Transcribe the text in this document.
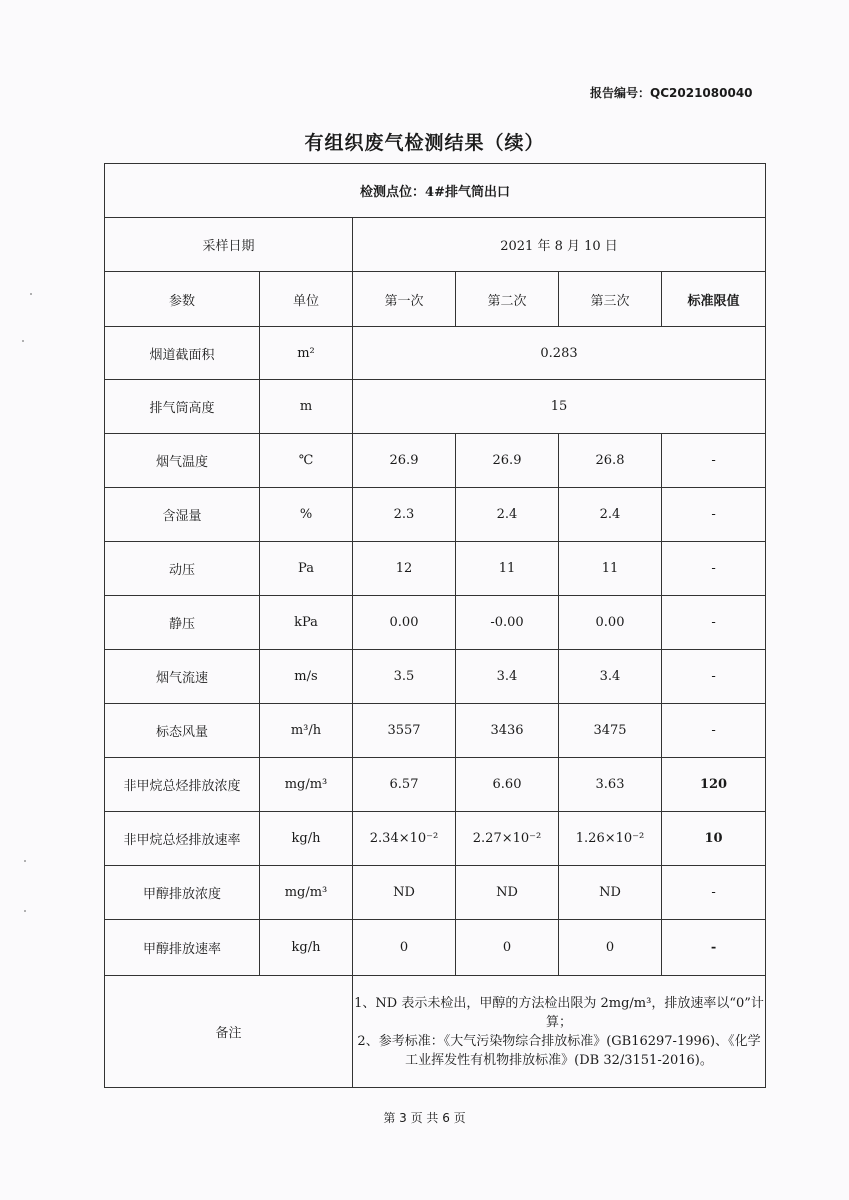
报告编号：QC2021080040
有组织废气检测结果（续）
检测点位：4#排气筒出口					
采样日期		2021 年 8 月 10 日			
参数	单位	第一次	第二次	第三次	标准限值
烟道截面积	m²	0.283			
排气筒高度	m	15			
烟气温度	℃	26.9	26.9	26.8	-
含湿量	%	2.3	2.4	2.4	-
动压	Pa	12	11	11	-
静压	kPa	0.00	-0.00	0.00	-
烟气流速	m/s	3.5	3.4	3.4	-
标态风量	m³/h	3557	3436	3475	-
非甲烷总烃排放浓度	mg/m³	6.57	6.60	3.63	120
非甲烷总烃排放速率	kg/h	2.34×10⁻²	2.27×10⁻²	1.26×10⁻²	10
甲醇排放浓度	mg/m³	ND	ND	ND	-
甲醇排放速率	kg/h	0	0	0	-
备注		1、ND 表示未检出，甲醇的方法检出限为 2mg/m³，排放速率以“0”计算；
2、参考标准：《大气污染物综合排放标准》(GB16297-1996)、《化学工业挥发性有机物排放标准》(DB 32/3151-2016)。			
第 3 页 共 6 页
